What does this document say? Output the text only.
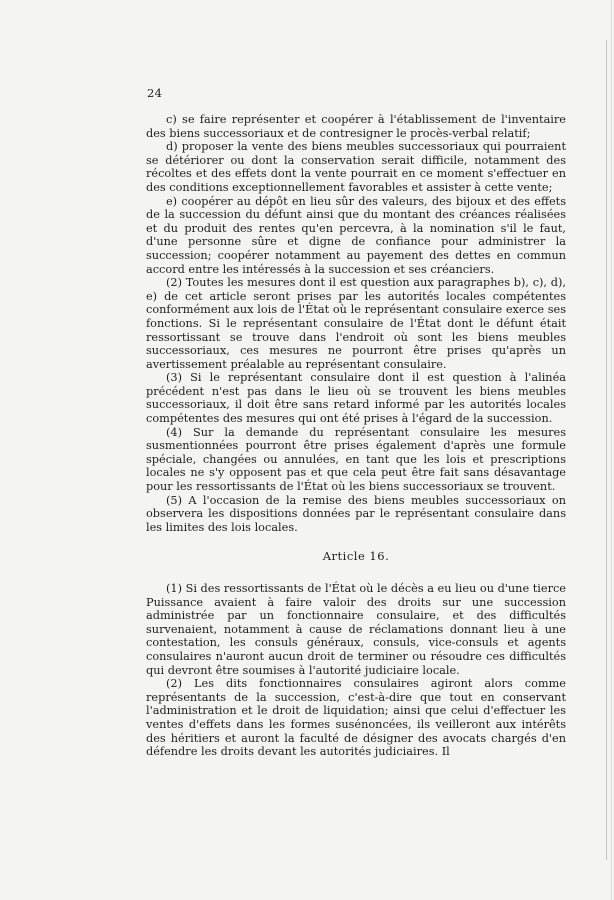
24

c) se faire représenter et coopérer à l'établissement de l'inventaire des biens successoriaux et de contresigner le procès-verbal relatif;

d) proposer la vente des biens meubles successoriaux qui pourraient se détériorer ou dont la conservation serait difficile, notamment des récoltes et des effets dont la vente pourrait en ce moment s'effectuer en des conditions exceptionnellement favorables et assister à cette vente;

e) coopérer au dépôt en lieu sûr des valeurs, des bijoux et des effets de la succession du défunt ainsi que du montant des créances réalisées et du produit des rentes qu'en percevra, à la nomination s'il le faut, d'une personne sûre et digne de confiance pour administrer la succession; coopérer notamment au payement des dettes en commun accord entre les intéressés à la succession et ses créanciers.

(2) Toutes les mesures dont il est question aux paragraphes b), c), d), e) de cet article seront prises par les autorités locales compétentes conformément aux lois de l'État où le représentant consulaire exerce ses fonctions. Si le représentant consulaire de l'État dont le défunt était ressortissant se trouve dans l'endroit où sont les biens meubles successoriaux, ces mesures ne pourront être prises qu'après un avertissement préalable au représentant consulaire.

(3) Si le représentant consulaire dont il est question à l'alinéa précédent n'est pas dans le lieu où se trouvent les biens meubles successoriaux, il doit être sans retard informé par les autorités locales compétentes des mesures qui ont été prises à l'égard de la succession.

(4) Sur la demande du représentant consulaire les mesures susmentionnées pourront être prises également d'après une formule spéciale, changées ou annulées, en tant que les lois et prescriptions locales ne s'y opposent pas et que cela peut être fait sans désavantage pour les ressortissants de l'État où les biens successoriaux se trouvent.

(5) A l'occasion de la remise des biens meubles successoriaux on observera les dispositions données par le représentant consulaire dans les limites des lois locales.

Article 16.

(1) Si des ressortissants de l'État où le décès a eu lieu ou d'une tierce Puissance avaient à faire valoir des droits sur une succession administrée par un fonctionnaire consulaire, et des difficultés survenaient, notamment à cause de réclamations donnant lieu à une contestation, les consuls généraux, consuls, vice-consuls et agents consulaires n'auront aucun droit de terminer ou résoudre ces difficultés qui devront être soumises à l'autorité judiciaire locale.

(2) Les dits fonctionnaires consulaires agiront alors comme représentants de la succession, c'est-à-dire que tout en conservant l'administration et le droit de liquidation; ainsi que celui d'effectuer les ventes d'effets dans les formes susénoncées, ils veilleront aux intérêts des héritiers et auront la faculté de désigner des avocats chargés d'en défendre les droits devant les autorités judiciaires. Il
